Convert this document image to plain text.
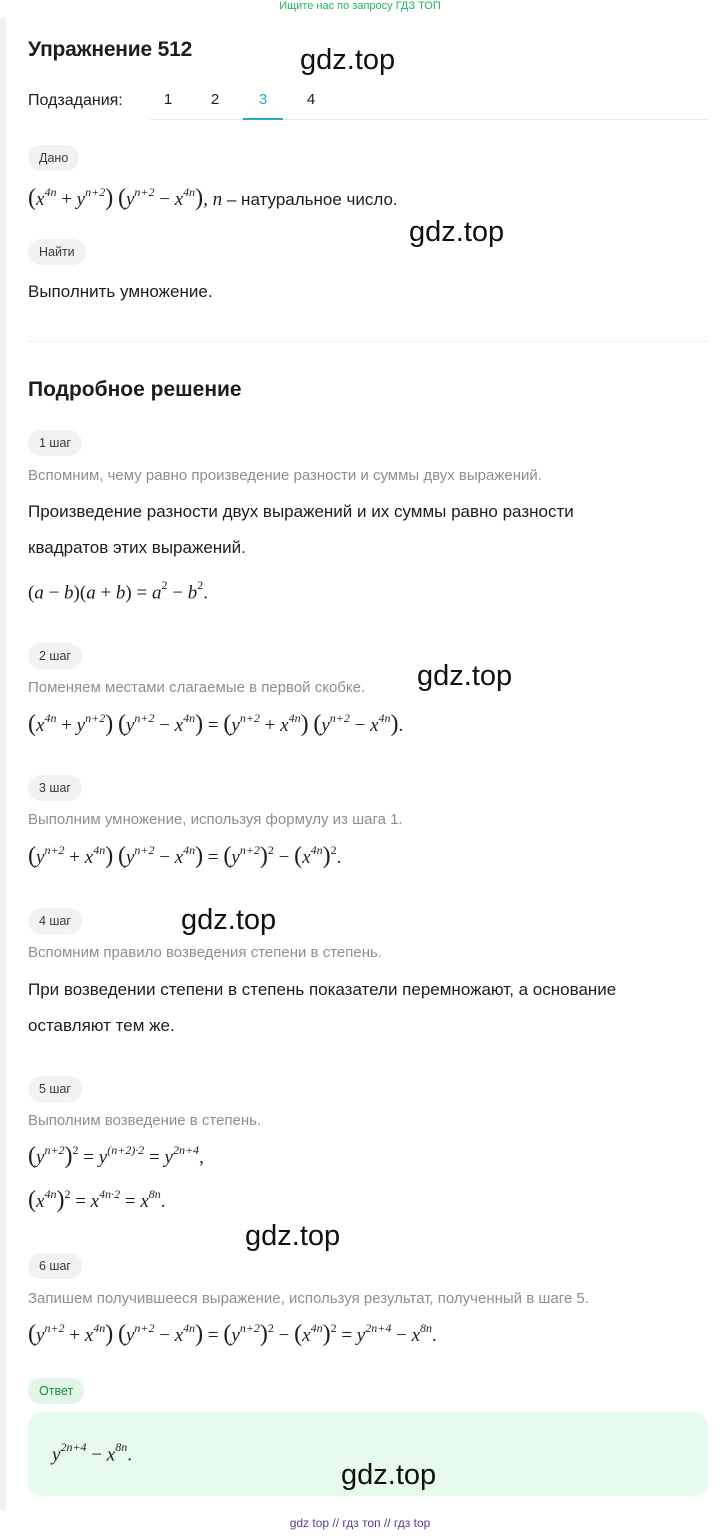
Ищите нас по запросу ГДЗ ТОП
Упражнение 512
Подзадания:	1	2	3	4
Дано
$(x^{4n} + y^{n+2}) (y^{n+2} - x^{4n})$, n – натуральное число.
Найти
Выполнить умножение.
Подробное решение
1 шаг
Вспомним, чему равно произведение разности и суммы двух выражений.
Произведение разности двух выражений и их суммы равно разности
квадратов этих выражений.
$(a - b)(a + b) = a^2 - b^2$.
2 шаг
Поменяем местами слагаемые в первой скобке.
$(x^{4n} + y^{n+2}) (y^{n+2} - x^{4n}) = (y^{n+2} + x^{4n}) (y^{n+2} - x^{4n})$.
3 шаг
Выполним умножение, используя формулу из шага 1.
$(y^{n+2} + x^{4n}) (y^{n+2} - x^{4n}) = (y^{n+2})^2 - (x^{4n})^2$.
4 шаг
Вспомним правило возведения степени в степень.
При возведении степени в степень показатели перемножают, а основание
оставляют тем же.
5 шаг
Выполним возведение в степень.
$(y^{n+2})^2 = y^{(n+2)\cdot 2} = y^{2n+4}$,
$(x^{4n})^2 = x^{4n\cdot 2} = x^{8n}$.
6 шаг
Запишем получившееся выражение, используя результат, полученный в шаге 5.
$(y^{n+2} + x^{4n}) (y^{n+2} - x^{4n}) = (y^{n+2})^2 - (x^{4n})^2 = y^{2n+4} - x^{8n}$.
Ответ
$y^{2n+4} - x^{8n}$.
gdz.top
gdz.top
gdz.top
gdz.top
gdz.top
gdz.top
gdz top // гдз топ // гдз top
